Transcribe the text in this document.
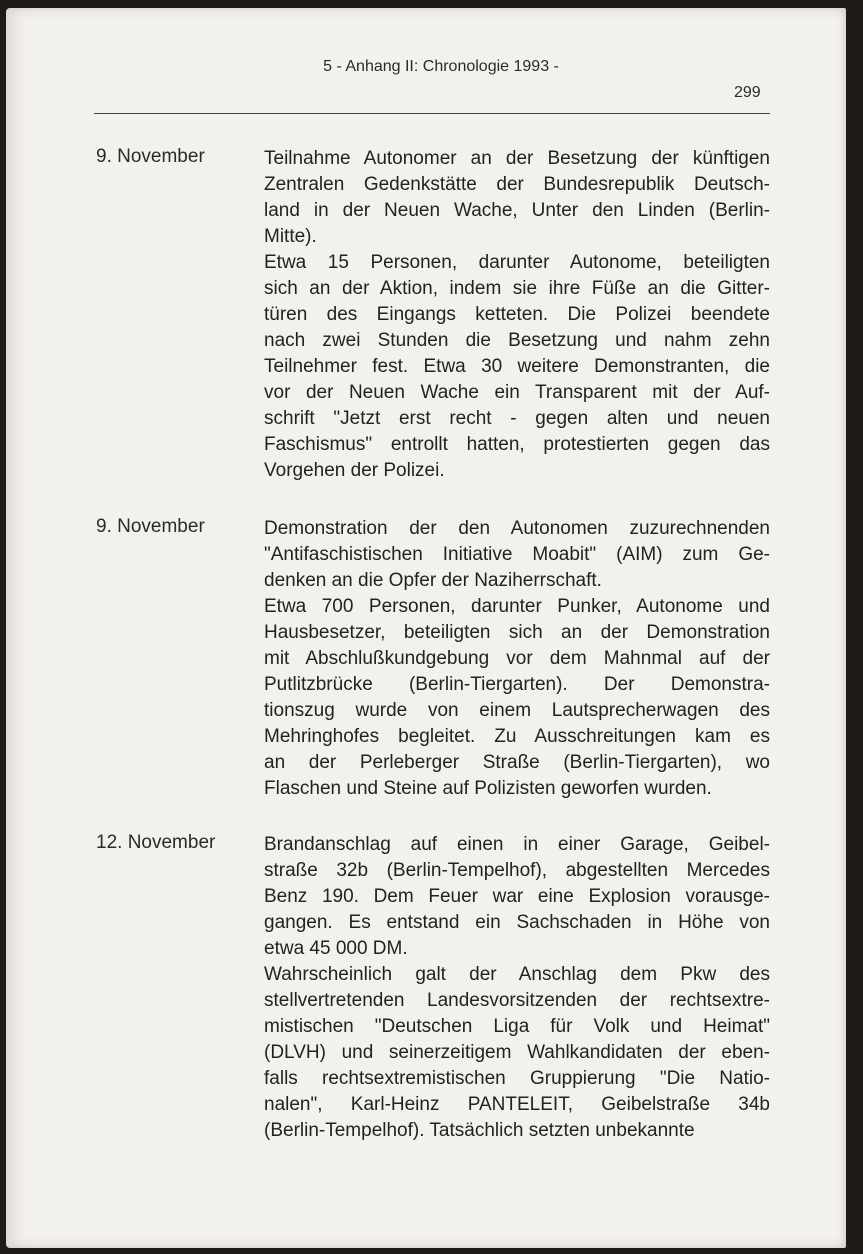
5 - Anhang II: Chronologie 1993 -
299
9. November	Teilnahme Autonomer an der Besetzung der künftigen
Zentralen Gedenkstätte der Bundesrepublik Deutsch-
land in der Neuen Wache, Unter den Linden (Berlin-
Mitte).

Etwa 15 Personen, darunter Autonome, beteiligten
sich an der Aktion, indem sie ihre Füße an die Gitter-
türen des Eingangs ketteten. Die Polizei beendete
nach zwei Stunden die Besetzung und nahm zehn
Teilnehmer fest. Etwa 30 weitere Demonstranten, die
vor der Neuen Wache ein Transparent mit der Auf-
schrift "Jetzt erst recht - gegen alten und neuen
Faschismus" entrollt hatten, protestierten gegen das
Vorgehen der Polizei.

9. November	Demonstration der den Autonomen zuzurechnenden
"Antifaschistischen Initiative Moabit" (AIM) zum Ge-
denken an die Opfer der Naziherrschaft.

Etwa 700 Personen, darunter Punker, Autonome und
Hausbesetzer, beteiligten sich an der Demonstration
mit Abschlußkundgebung vor dem Mahnmal auf der
Putlitzbrücke (Berlin-Tiergarten). Der Demonstra-
tionszug wurde von einem Lautsprecherwagen des
Mehringhofes begleitet. Zu Ausschreitungen kam es
an der Perleberger Straße (Berlin-Tiergarten), wo
Flaschen und Steine auf Polizisten geworfen wurden.

12. November	Brandanschlag auf einen in einer Garage, Geibel-
straße 32b (Berlin-Tempelhof), abgestellten Mercedes
Benz 190. Dem Feuer war eine Explosion vorausge-
gangen. Es entstand ein Sachschaden in Höhe von
etwa 45 000 DM.

Wahrscheinlich galt der Anschlag dem Pkw des
stellvertretenden Landesvorsitzenden der rechtsextre-
mistischen "Deutschen Liga für Volk und Heimat"
(DLVH) und seinerzeitigem Wahlkandidaten der eben-
falls rechtsextremistischen Gruppierung "Die Natio-
nalen", Karl-Heinz PANTELEIT, Geibelstraße 34b
(Berlin-Tempelhof). Tatsächlich setzten unbekannte
